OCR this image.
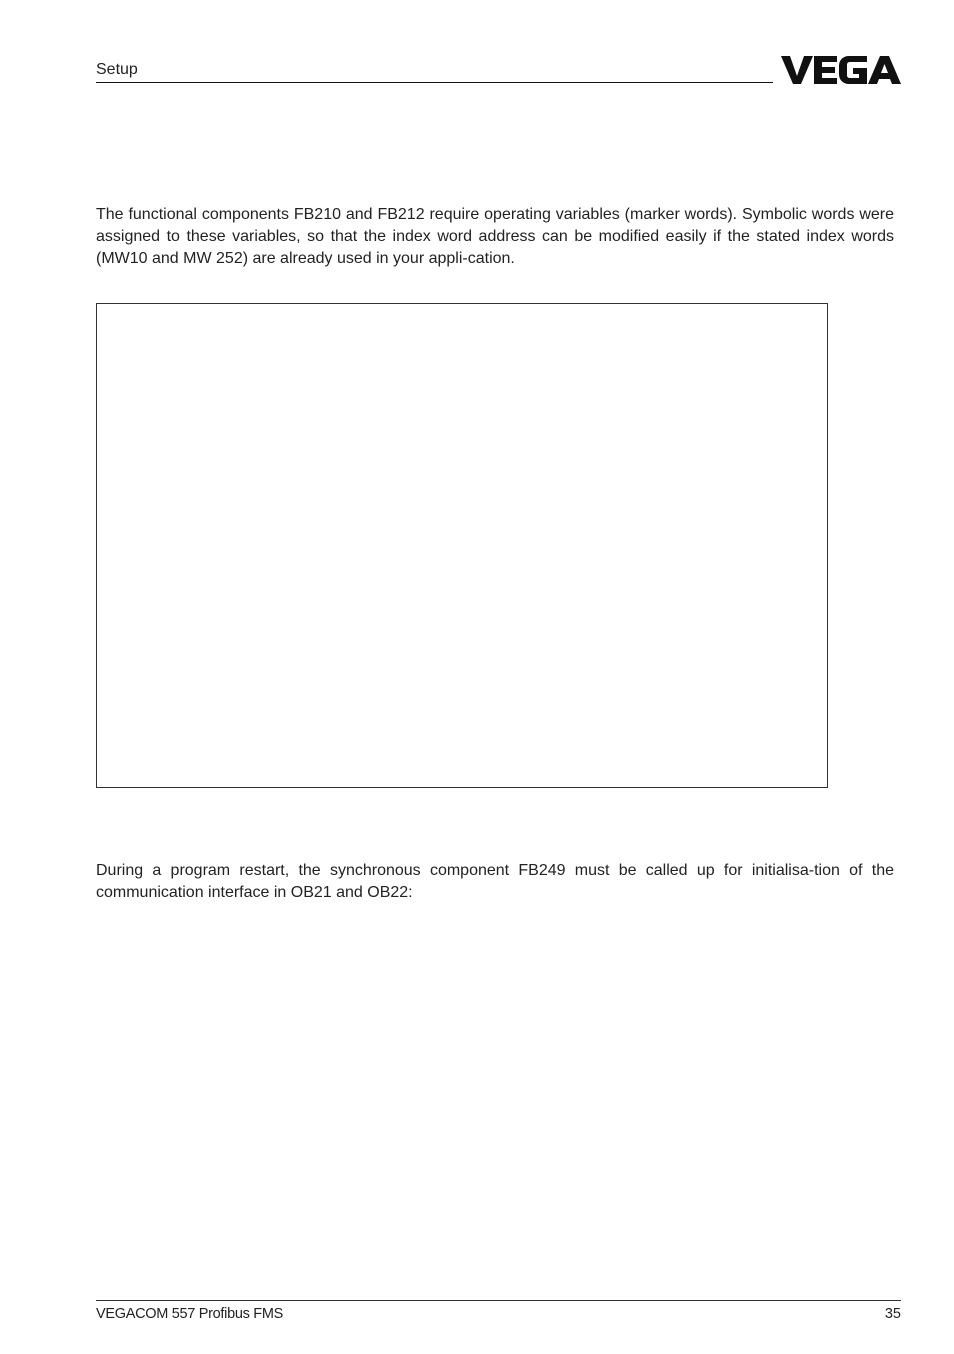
Setup

The functional components FB210 and FB212 require operating variables (marker words). Symbolic words were assigned to these variables, so that the index word address can be modified easily if the stated index words (MW10 and MW 252) are already used in your appli-cation.

During a program restart, the synchronous component FB249 must be called up for initialisa-tion of the communication interface in OB21 and OB22:

VEGACOM 557 Profibus FMS	35
